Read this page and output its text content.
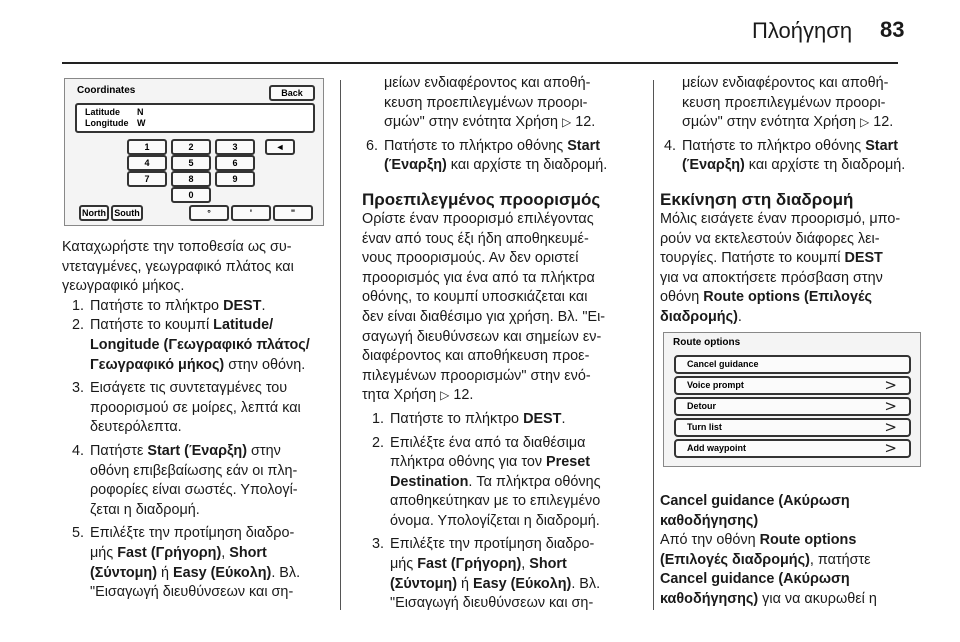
Πλοήγηση 83
Coordinates	Back
Latitude N
Longitude W
1	2	3	◄
4	5	6
7	8	9
0
North South	°	'	"

Καταχωρήστε την τοποθεσία ως συ-

ντεταγμένες, γεωγραφικό πλάτος και

γεωγραφικό μήκος.

1. Πατήστε το πλήκτρο DEST.

2. Πατήστε το κουμπί Latitude/

Longitude (Γεωγραφικό πλάτος/

Γεωγραφικό μήκος) στην οθόνη.

3. Εισάγετε τις συντεταγμένες του

προορισμού σε μοίρες, λεπτά και

δευτερόλεπτα.

4. Πατήστε Start (Έναρξη) στην

οθόνη επιβεβαίωσης εάν οι πλη-

ροφορίες είναι σωστές. Υπολογί-

ζεται η διαδρομή.

5. Επιλέξτε την προτίμηση διαδρο-

μής Fast (Γρήγορη), Short

(Σύντομη) ή Easy (Εύκολη). Βλ.

"Εισαγωγή διευθύνσεων και ση-

μείων ενδιαφέροντος και αποθή-

κευση προεπιλεγμένων προορι-

σμών" στην ενότητα Χρήση ▷ 12.

6. Πατήστε το πλήκτρο οθόνης Start

(Έναρξη) και αρχίστε τη διαδρομή.

Προεπιλεγμένος προορισμός

Ορίστε έναν προορισμό επιλέγοντας

έναν από τους έξι ήδη αποθηκευμέ-

νους προορισμούς. Αν δεν οριστεί

προορισμός για ένα από τα πλήκτρα

οθόνης, το κουμπί υποσκιάζεται και

δεν είναι διαθέσιμο για χρήση. Βλ. "Ει-

σαγωγή διευθύνσεων και σημείων εν-

διαφέροντος και αποθήκευση προε-

πιλεγμένων προορισμών" στην ενό-

τητα Χρήση ▷ 12.

1. Πατήστε το πλήκτρο DEST.

2. Επιλέξτε ένα από τα διαθέσιμα

πλήκτρα οθόνης για τον Preset

Destination. Τα πλήκτρα οθόνης

αποθηκεύτηκαν με το επιλεγμένο

όνομα. Υπολογίζεται η διαδρομή.

3. Επιλέξτε την προτίμηση διαδρο-

μής Fast (Γρήγορη), Short

(Σύντομη) ή Easy (Εύκολη). Βλ.

"Εισαγωγή διευθύνσεων και ση-

μείων ενδιαφέροντος και αποθή-

κευση προεπιλεγμένων προορι-

σμών" στην ενότητα Χρήση ▷ 12.

4. Πατήστε το πλήκτρο οθόνης Start

(Έναρξη) και αρχίστε τη διαδρομή.

Εκκίνηση στη διαδρομή

Μόλις εισάγετε έναν προορισμό, μπο-

ρούν να εκτελεστούν διάφορες λει-

τουργίες. Πατήστε το κουμπί DEST

για να αποκτήσετε πρόσβαση στην

οθόνη Route options (Επιλογές

διαδρομής).

Route options
Cancel guidance
Voice prompt	>
Detour	>
Turn list	>
Add waypoint	>

Cancel guidance (Ακύρωση

καθοδήγησης)

Από την οθόνη Route options

(Επιλογές διαδρομής), πατήστε

Cancel guidance (Ακύρωση

καθοδήγησης) για να ακυρωθεί η
